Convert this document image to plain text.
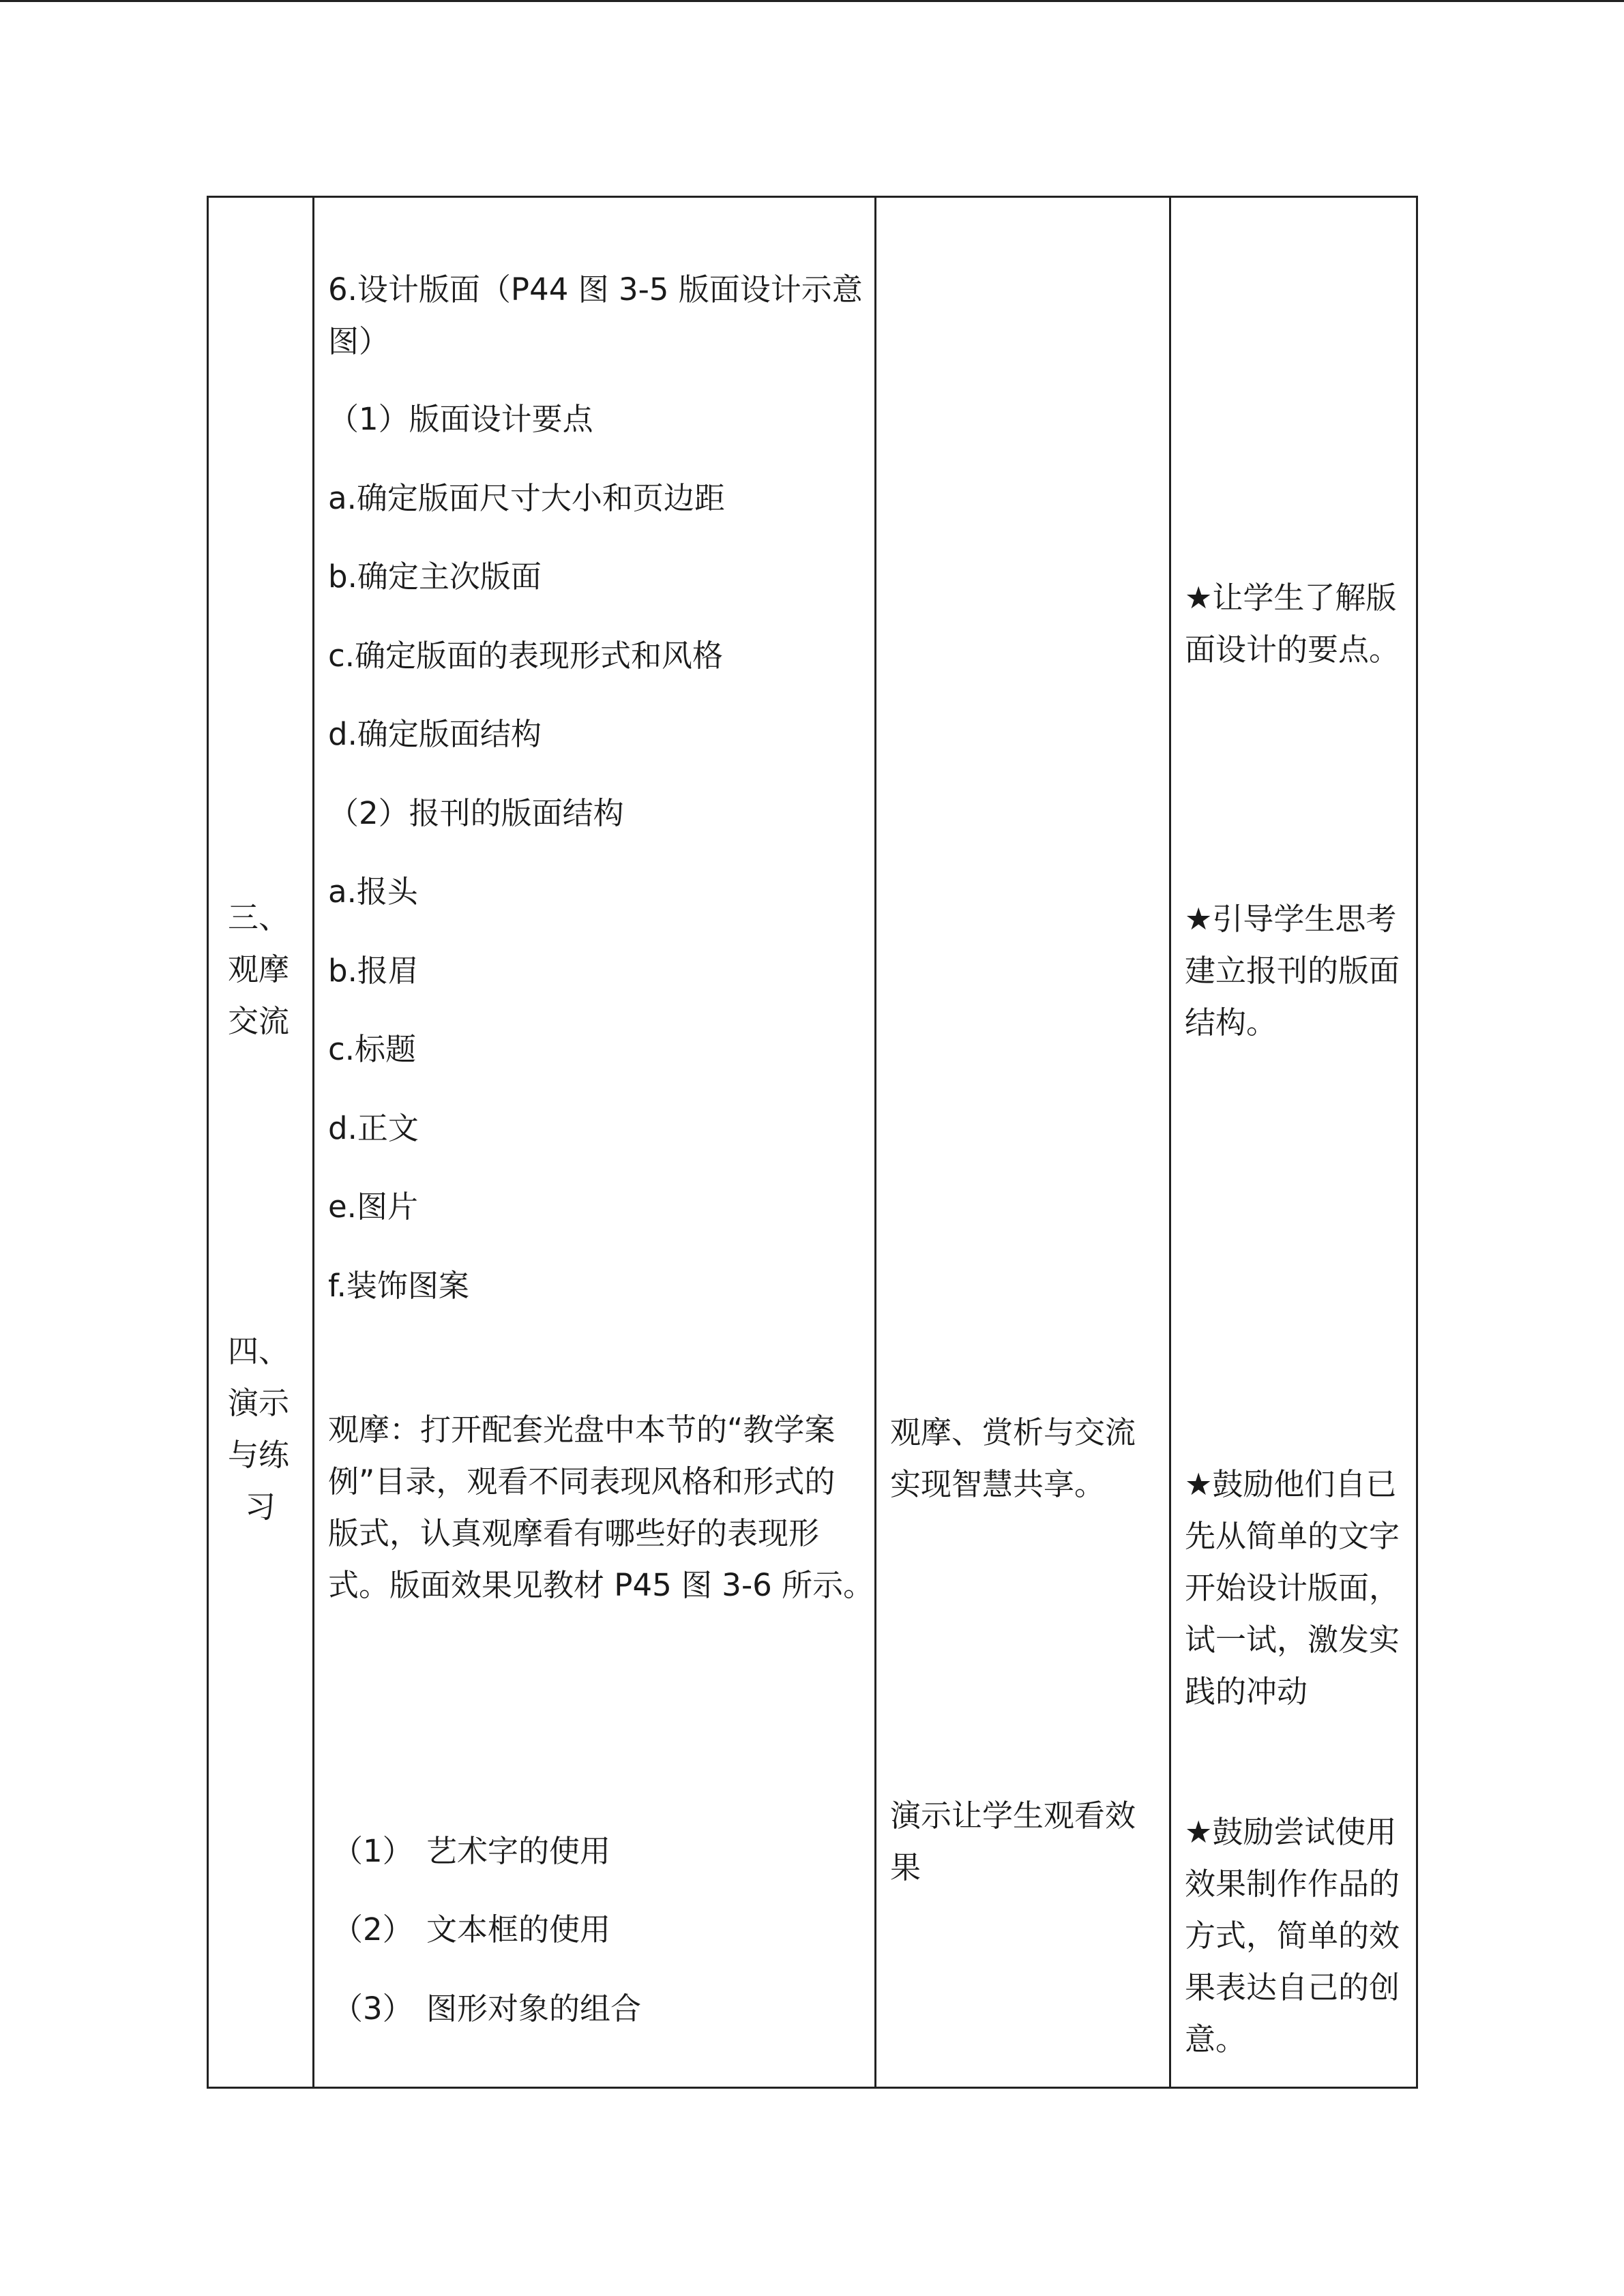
三、
观摩
交流
四、
演示
与练
习
6.设计版面（P44 图 3-5 版面设计示意
图）
（1）版面设计要点
a.确定版面尺寸大小和页边距
b.确定主次版面
c.确定版面的表现形式和风格
d.确定版面结构
（2）报刊的版面结构
a.报头
b.报眉
c.标题
d.正文
e.图片
f.装饰图案
观摩：打开配套光盘中本节的“教学案
例”目录，观看不同表现风格和形式的
版式，认真观摩看有哪些好的表现形
式。版面效果见教材 P45 图 3-6 所示。
（1） 艺术字的使用
（2） 文本框的使用
（3） 图形对象的组合
观摩、赏析与交流
实现智慧共享。
演示让学生观看效
果
★让学生了解版
面设计的要点。
★引导学生思考
建立报刊的版面
结构。
★鼓励他们自已
先从简单的文字
开始设计版面，
试一试，激发实
践的冲动
★鼓励尝试使用
效果制作作品的
方式，简单的效
果表达自己的创
意。
